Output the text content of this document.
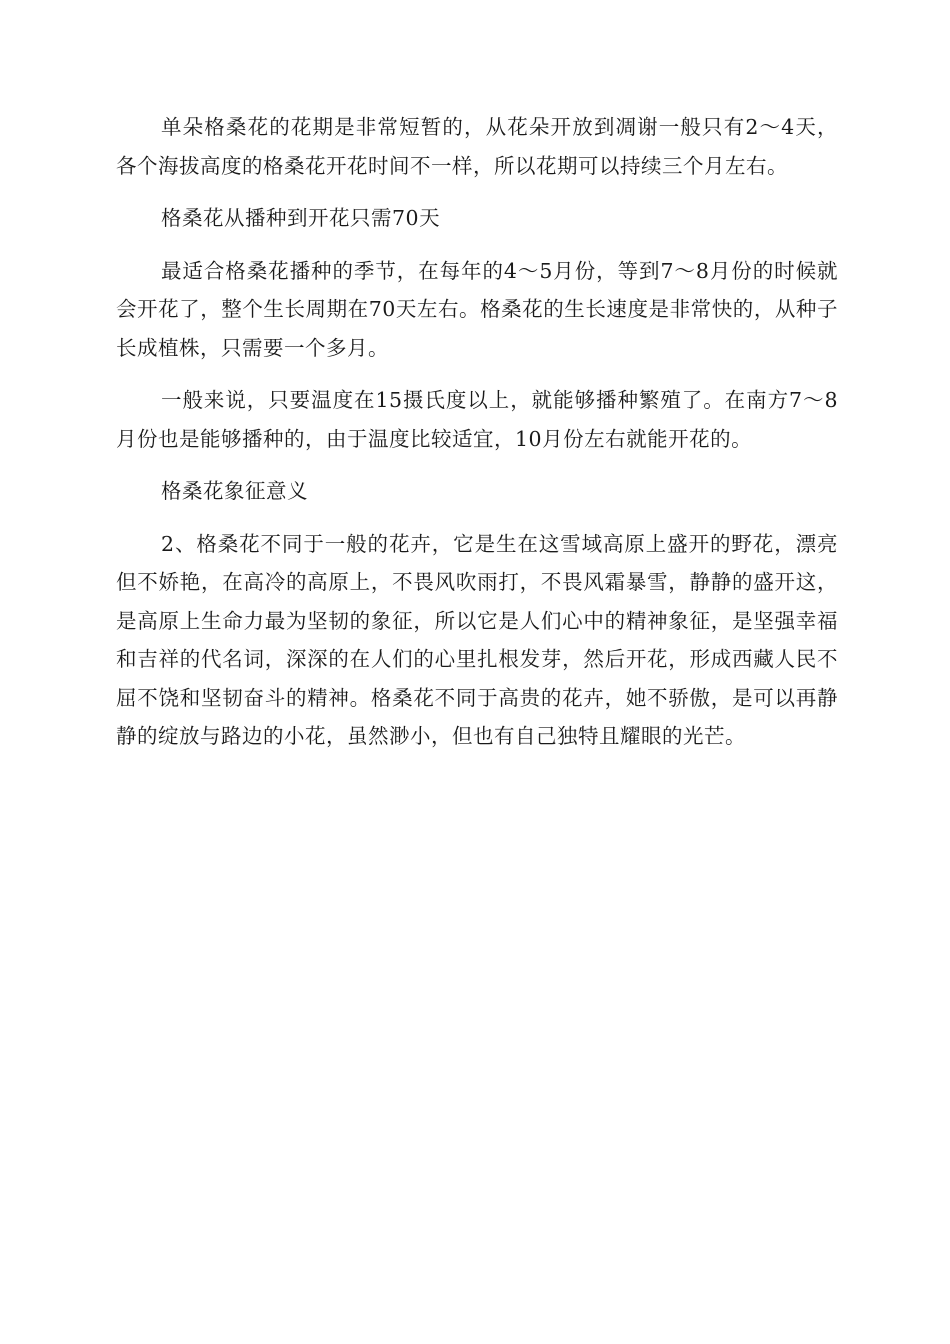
单朵格桑花的花期是非常短暂的，从花朵开放到凋谢一般只有2～4天，各个海拔高度的格桑花开花时间不一样，所以花期可以持续三个月左右。

格桑花从播种到开花只需70天

最适合格桑花播种的季节，在每年的4～5月份，等到7～8月份的时候就会开花了，整个生长周期在70天左右。格桑花的生长速度是非常快的，从种子长成植株，只需要一个多月。

一般来说，只要温度在15摄氏度以上，就能够播种繁殖了。在南方7～8月份也是能够播种的，由于温度比较适宜，10月份左右就能开花的。

格桑花象征意义

2、格桑花不同于一般的花卉，它是生在这雪域高原上盛开的野花，漂亮但不娇艳，在高冷的高原上，不畏风吹雨打，不畏风霜暴雪，静静的盛开这，是高原上生命力最为坚韧的象征，所以它是人们心中的精神象征，是坚强幸福和吉祥的代名词，深深的在人们的心里扎根发芽，然后开花，形成西藏人民不屈不饶和坚韧奋斗的精神。格桑花不同于高贵的花卉，她不骄傲，是可以再静静的绽放与路边的小花，虽然渺小，但也有自己独特且耀眼的光芒。
